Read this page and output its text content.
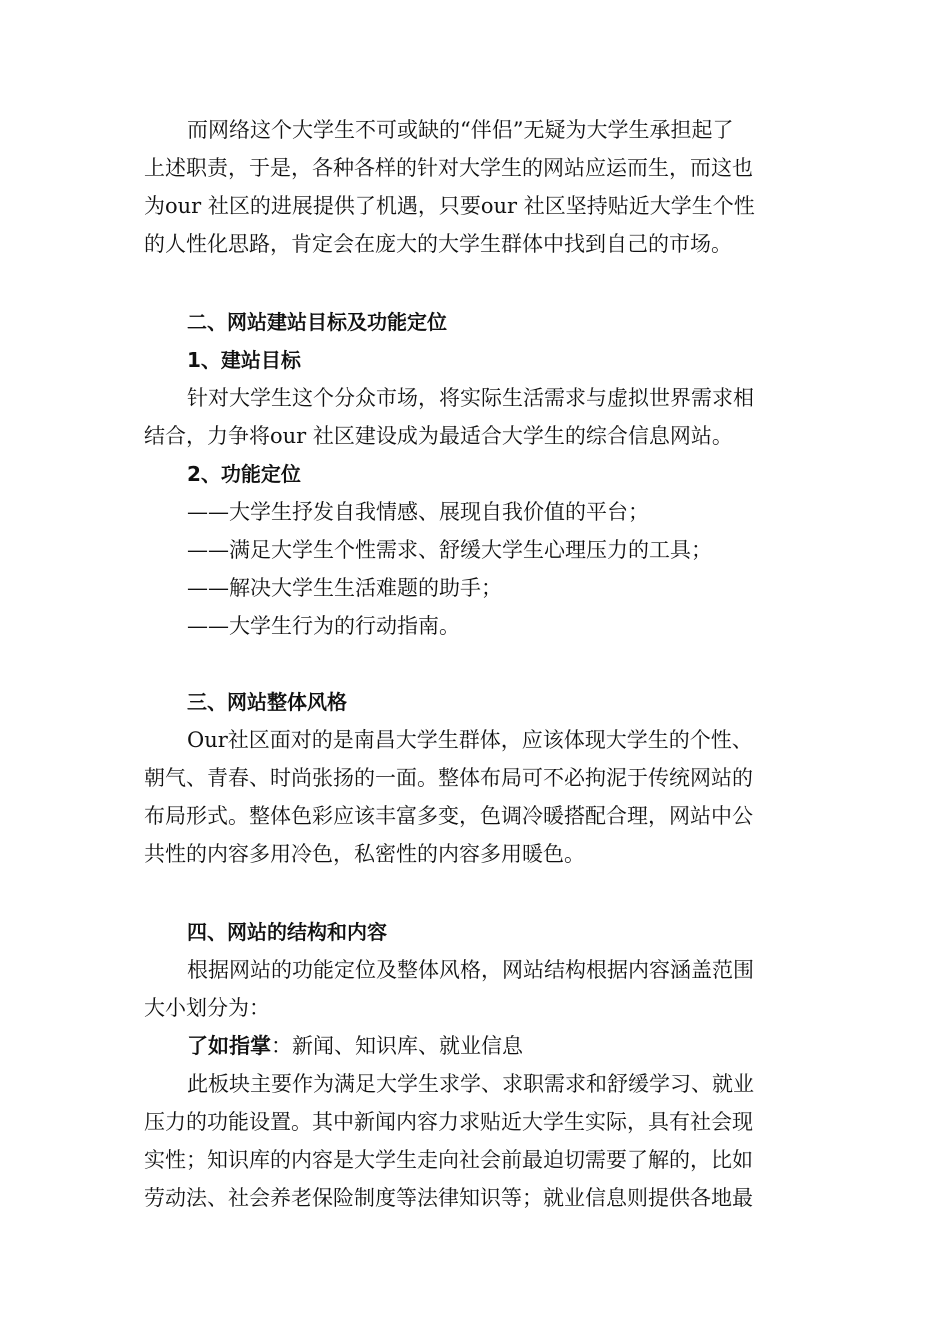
而网络这个大学生不可或缺的“伴侣”无疑为大学生承担起了
上述职责，于是，各种各样的针对大学生的网站应运而生，而这也
为our 社区的进展提供了机遇，只要our 社区坚持贴近大学生个性
的人性化思路，肯定会在庞大的大学生群体中找到自己的市场。
二、网站建站目标及功能定位
1、建站目标
针对大学生这个分众市场，将实际生活需求与虚拟世界需求相
结合，力争将our 社区建设成为最适合大学生的综合信息网站。
2、功能定位
——大学生抒发自我情感、展现自我价值的平台；
——满足大学生个性需求、舒缓大学生心理压力的工具；
——解决大学生生活难题的助手；
——大学生行为的行动指南。
三、网站整体风格
Our社区面对的是南昌大学生群体，应该体现大学生的个性、
朝气、青春、时尚张扬的一面。整体布局可不必拘泥于传统网站的
布局形式。整体色彩应该丰富多变，色调冷暖搭配合理，网站中公
共性的内容多用冷色，私密性的内容多用暖色。
四、网站的结构和内容
根据网站的功能定位及整体风格，网站结构根据内容涵盖范围
大小划分为：
了如指掌：新闻、知识库、就业信息
此板块主要作为满足大学生求学、求职需求和舒缓学习、就业
压力的功能设置。其中新闻内容力求贴近大学生实际，具有社会现
实性；知识库的内容是大学生走向社会前最迫切需要了解的，比如
劳动法、社会养老保险制度等法律知识等；就业信息则提供各地最
